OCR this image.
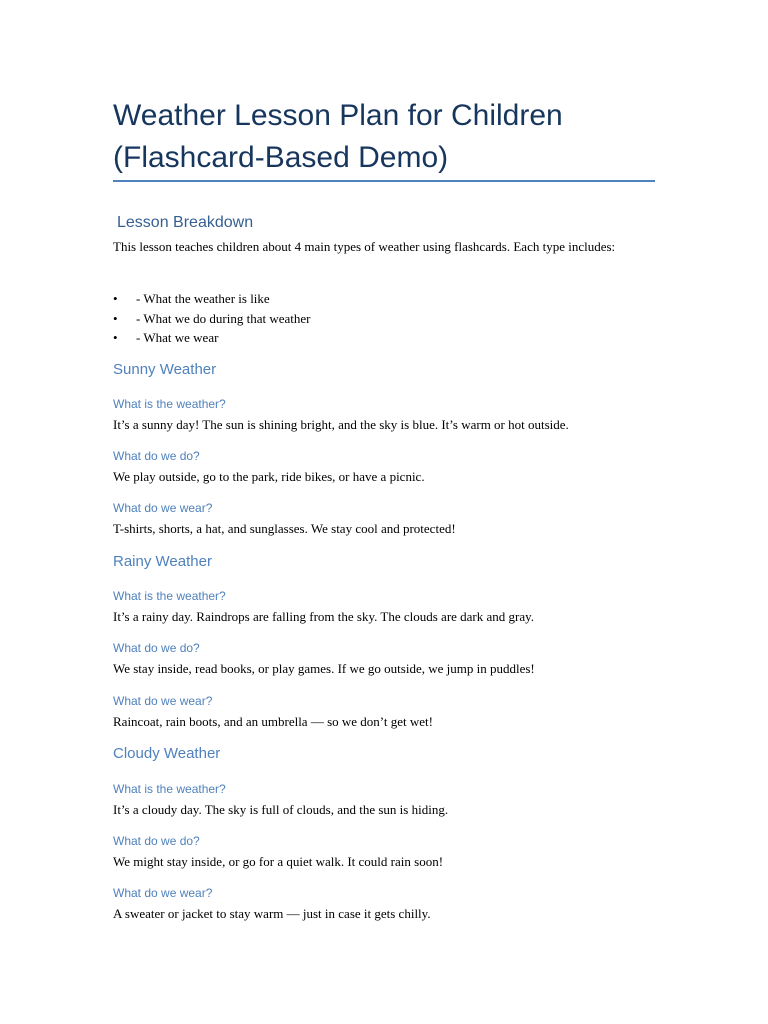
Weather Lesson Plan for Children (Flashcard-Based Demo)
Lesson Breakdown

This lesson teaches children about 4 main types of weather using flashcards. Each type includes:

• - What the weather is like
• - What we do during that weather
• - What we wear
Sunny Weather
What is the weather?

It’s a sunny day! The sun is shining bright, and the sky is blue. It’s warm or hot outside.

What do we do?

We play outside, go to the park, ride bikes, or have a picnic.

What do we wear?

T-shirts, shorts, a hat, and sunglasses. We stay cool and protected!

Rainy Weather
What is the weather?

It’s a rainy day. Raindrops are falling from the sky. The clouds are dark and gray.

What do we do?

We stay inside, read books, or play games. If we go outside, we jump in puddles!

What do we wear?

Raincoat, rain boots, and an umbrella — so we don’t get wet!

Cloudy Weather
What is the weather?

It’s a cloudy day. The sky is full of clouds, and the sun is hiding.

What do we do?

We might stay inside, or go for a quiet walk. It could rain soon!

What do we wear?

A sweater or jacket to stay warm — just in case it gets chilly.
